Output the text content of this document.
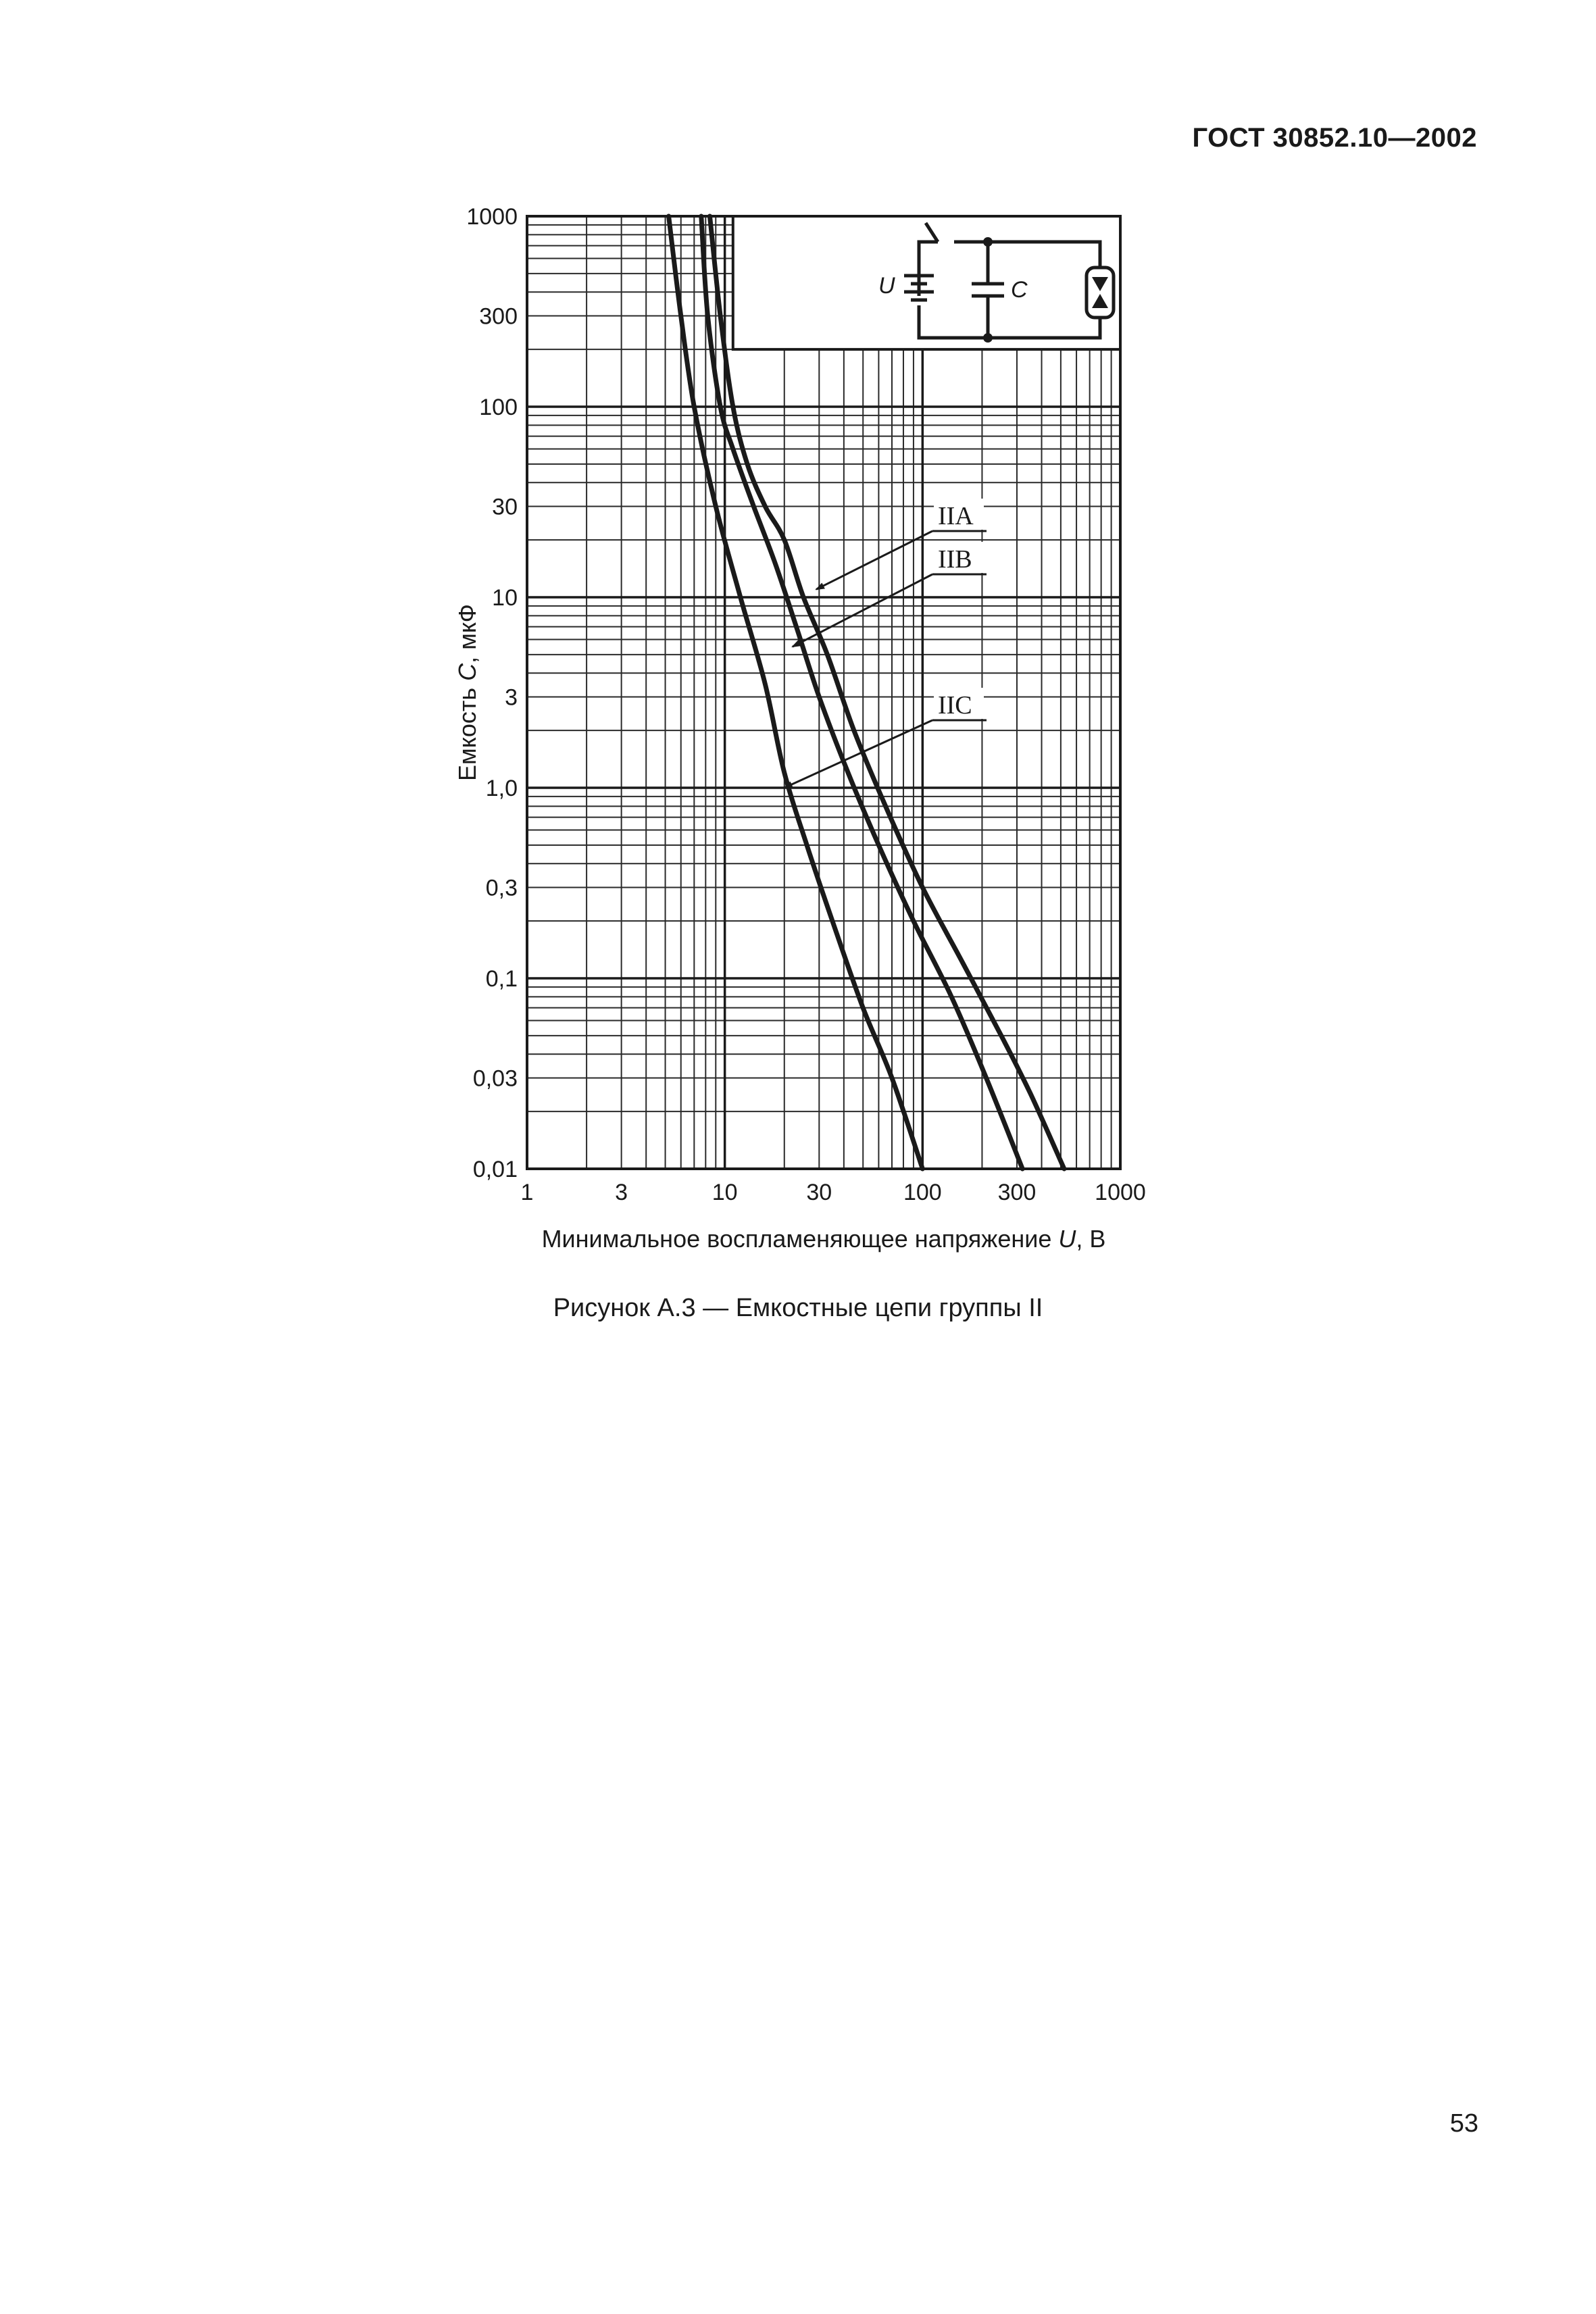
ГОСТ 30852.10—2002
U	C
IIA
IIB
IIC
1	3	10	30	100 300	1000
1000
300
100
30
10
3
1,0
0,3
0,1
0,03
0,01
Минимальное воспламеняющее напряжение U, В
Емкость C, мкФ
Рисунок А.3 — Емкостные цепи группы II
53
